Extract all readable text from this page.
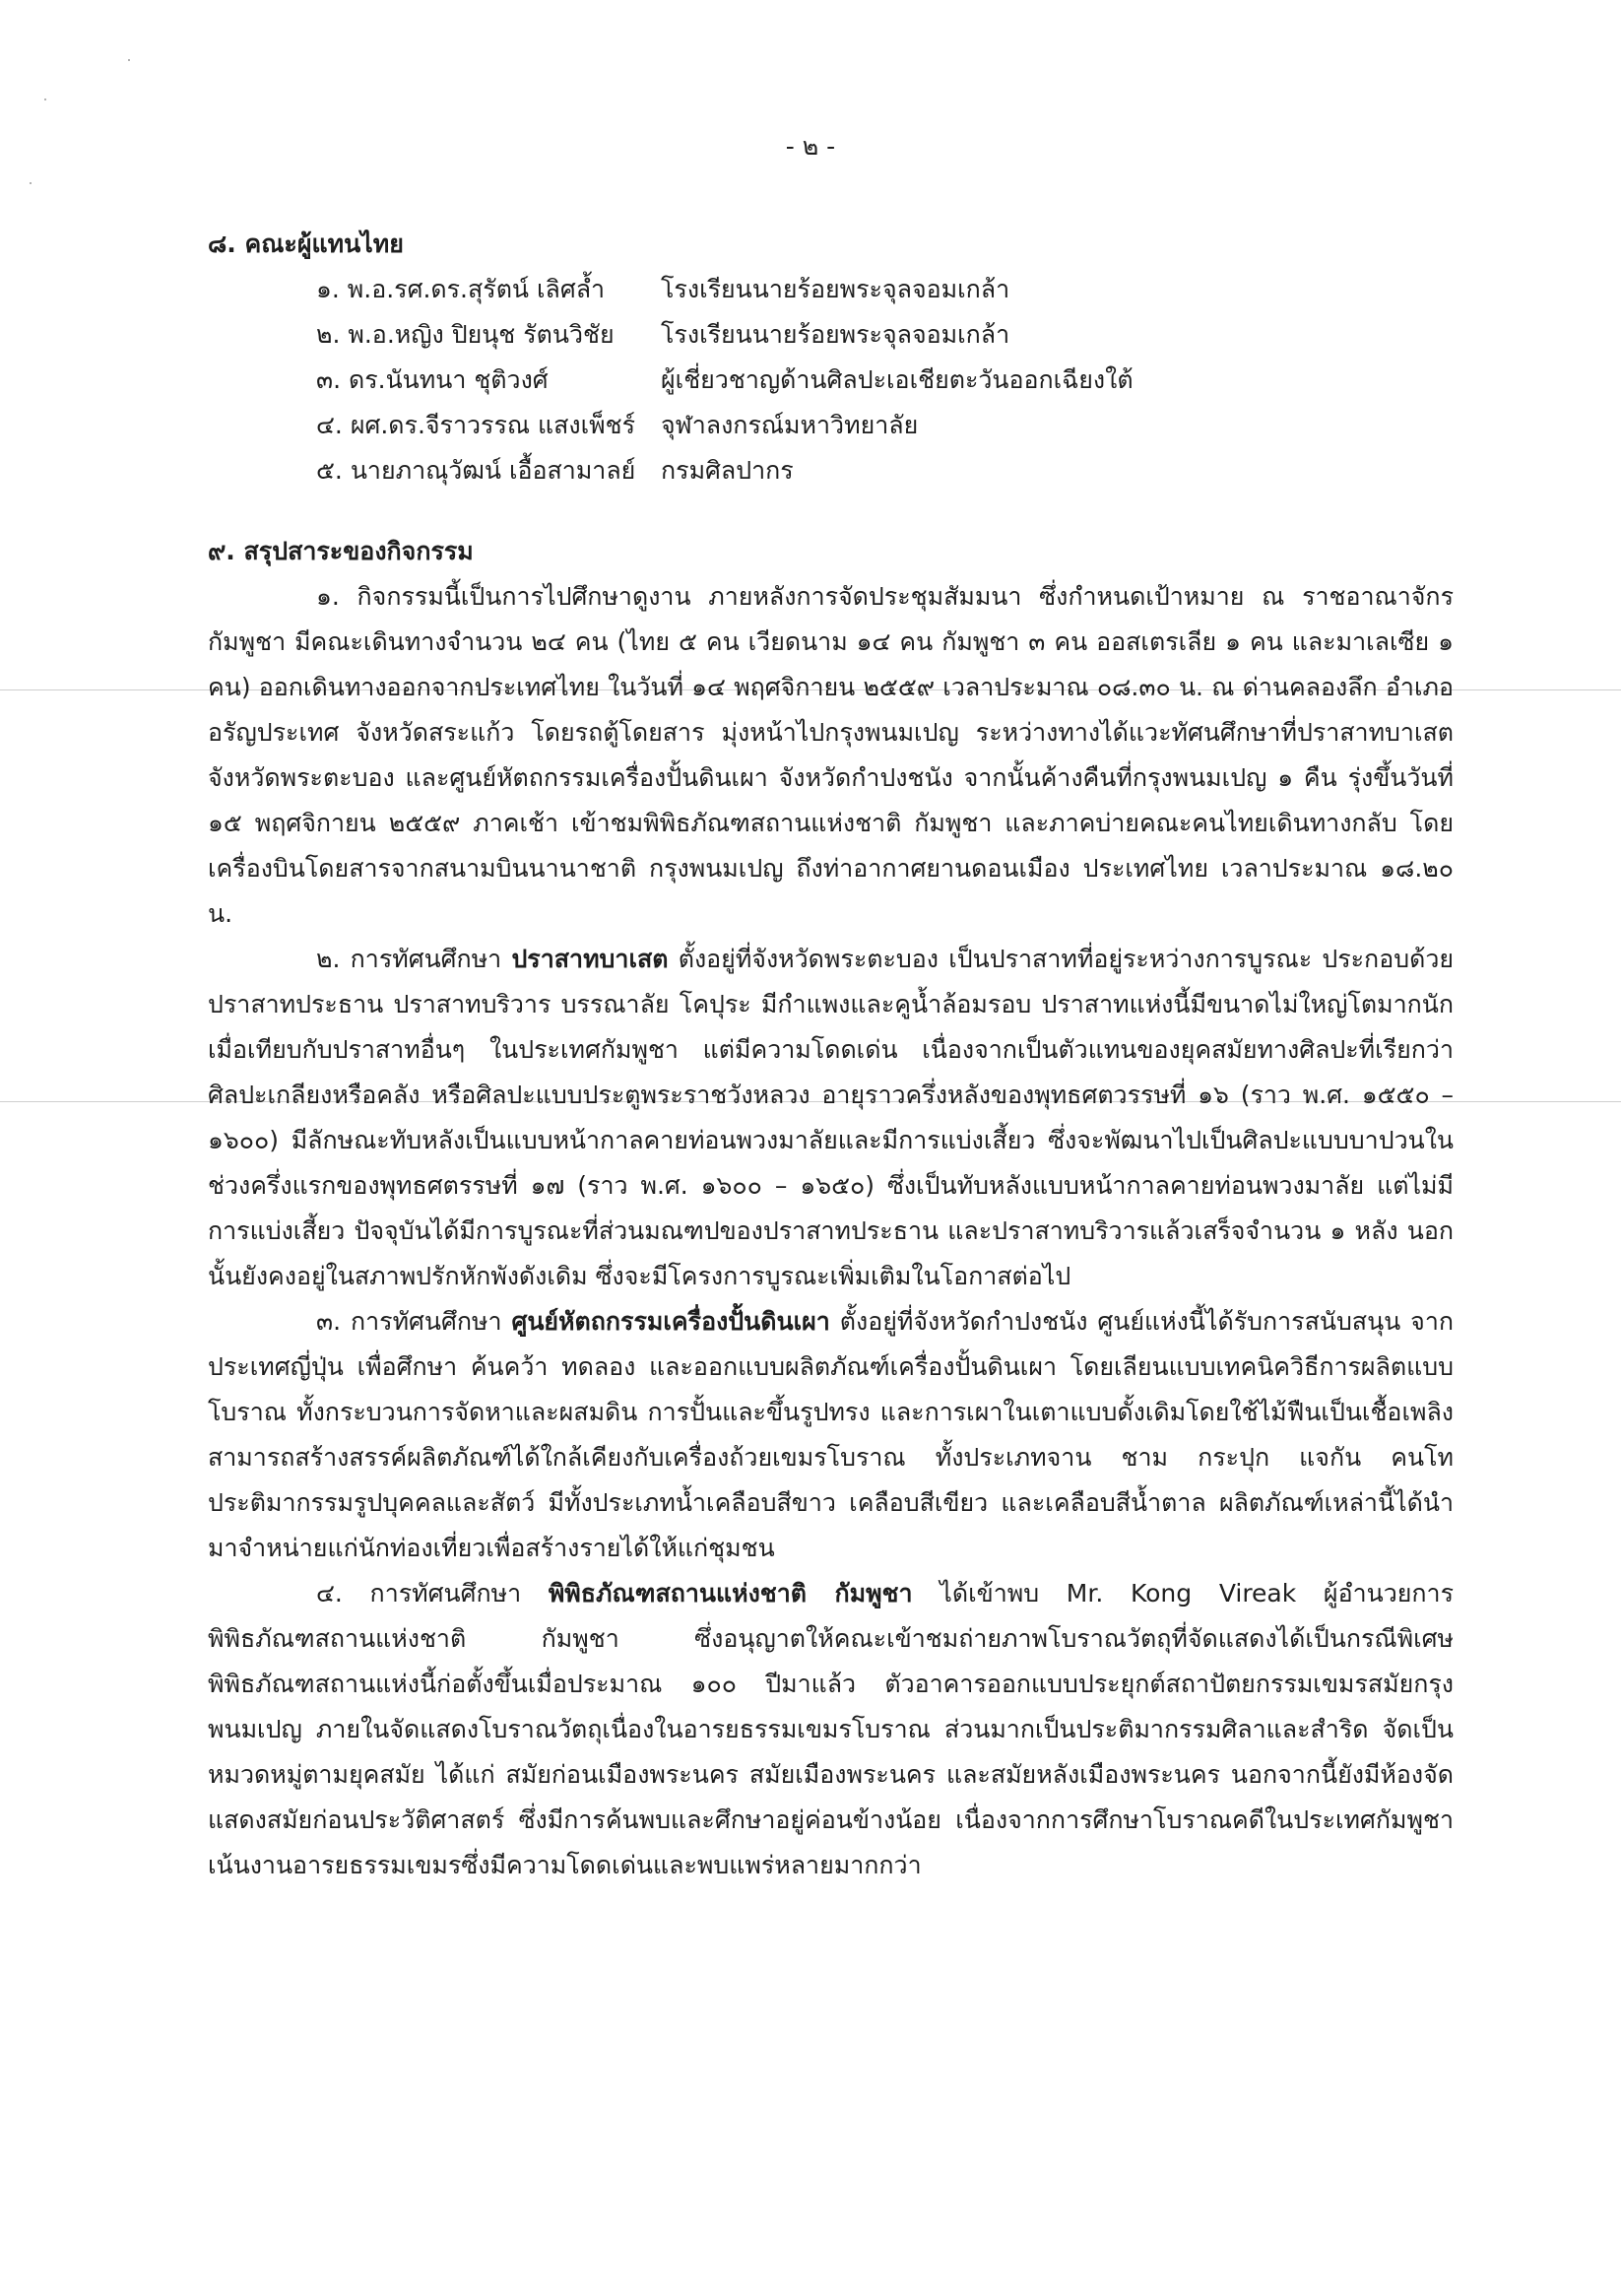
- ๒ -
๘. คณะผู้แทนไทย
๑. พ.อ.รศ.ดร.สุรัตน์ เลิศล้ำ	โรงเรียนนายร้อยพระจุลจอมเกล้า
๒. พ.อ.หญิง ปิยนุช รัตนวิชัย	โรงเรียนนายร้อยพระจุลจอมเกล้า
๓. ดร.นันทนา ชุติวงศ์	ผู้เชี่ยวชาญด้านศิลปะเอเชียตะวันออกเฉียงใต้
๔. ผศ.ดร.จีราวรรณ แสงเพ็ชร์	จุฬาลงกรณ์มหาวิทยาลัย
๕. นายภาณุวัฒน์ เอื้อสามาลย์	กรมศิลปากร
๙. สรุปสาระของกิจกรรม

๑. กิจกรรมนี้เป็นการไปศึกษาดูงาน ภายหลังการจัดประชุมสัมมนา ซึ่งกำหนดเป้าหมาย ณ ราชอาณาจักรกัมพูชา มีคณะเดินทางจำนวน ๒๔ คน (ไทย ๕ คน เวียดนาม ๑๔ คน กัมพูชา ๓ คน ออสเตรเลีย ๑ คน และมาเลเซีย ๑ คน) ออกเดินทางออกจากประเทศไทย ในวันที่ ๑๔ พฤศจิกายน ๒๕๕๙ เวลาประมาณ ๐๘.๓๐ น. ณ ด่านคลองลึก อำเภออรัญประเทศ จังหวัดสระแก้ว โดยรถตู้โดยสาร มุ่งหน้าไปกรุงพนมเปญ ระหว่างทางได้แวะทัศนศึกษาที่ปราสาทบาเสต จังหวัดพระตะบอง และศูนย์หัตถกรรมเครื่องปั้นดินเผา จังหวัดกำปงชนัง จากนั้นค้างคืนที่กรุงพนมเปญ ๑ คืน รุ่งขึ้นวันที่ ๑๕ พฤศจิกายน ๒๕๕๙ ภาคเช้า เข้าชมพิพิธภัณฑสถานแห่งชาติ กัมพูชา และภาคบ่ายคณะคนไทยเดินทางกลับ โดยเครื่องบินโดยสารจากสนามบินนานาชาติ กรุงพนมเปญ ถึงท่าอากาศยานดอนเมือง ประเทศไทย เวลาประมาณ ๑๘.๒๐ น.

๒. การทัศนศึกษา ปราสาทบาเสต ตั้งอยู่ที่จังหวัดพระตะบอง เป็นปราสาทที่อยู่ระหว่างการบูรณะ ประกอบด้วยปราสาทประธาน ปราสาทบริวาร บรรณาลัย โคปุระ มีกำแพงและคูน้ำล้อมรอบ ปราสาทแห่งนี้มีขนาดไม่ใหญ่โตมากนักเมื่อเทียบกับปราสาทอื่นๆ ในประเทศกัมพูชา แต่มีความโดดเด่น เนื่องจากเป็นตัวแทนของยุคสมัยทางศิลปะที่เรียกว่า ศิลปะเกลียงหรือคลัง หรือศิลปะแบบประตูพระราชวังหลวง อายุราวครึ่งหลังของพุทธศตวรรษที่ ๑๖ (ราว พ.ศ. ๑๕๕๐ – ๑๖๐๐) มีลักษณะทับหลังเป็นแบบหน้ากาลคายท่อนพวงมาลัยและมีการแบ่งเสี้ยว ซึ่งจะพัฒนาไปเป็นศิลปะแบบบาปวนในช่วงครึ่งแรกของพุทธศตรรษที่ ๑๗ (ราว พ.ศ. ๑๖๐๐ – ๑๖๕๐) ซึ่งเป็นทับหลังแบบหน้ากาลคายท่อนพวงมาลัย แต่ไม่มีการแบ่งเสี้ยว ปัจจุบันได้มีการบูรณะที่ส่วนมณฑปของปราสาทประธาน และปราสาทบริวารแล้วเสร็จจำนวน ๑ หลัง นอกนั้นยังคงอยู่ในสภาพปรักหักพังดังเดิม ซึ่งจะมีโครงการบูรณะเพิ่มเติมในโอกาสต่อไป

๓. การทัศนศึกษา ศูนย์หัตถกรรมเครื่องปั้นดินเผา ตั้งอยู่ที่จังหวัดกำปงชนัง ศูนย์แห่งนี้ได้รับการสนับสนุน จากประเทศญี่ปุ่น เพื่อศึกษา ค้นคว้า ทดลอง และออกแบบผลิตภัณฑ์เครื่องปั้นดินเผา โดยเลียนแบบเทคนิควิธีการผลิตแบบโบราณ ทั้งกระบวนการจัดหาและผสมดิน การปั้นและขึ้นรูปทรง และการเผาในเตาแบบดั้งเดิมโดยใช้ไม้ฟืนเป็นเชื้อเพลิง สามารถสร้างสรรค์ผลิตภัณฑ์ได้ใกล้เคียงกับเครื่องถ้วยเขมรโบราณ ทั้งประเภทจาน ชาม กระปุก แจกัน คนโท ประติมากรรมรูปบุคคลและสัตว์ มีทั้งประเภทน้ำเคลือบสีขาว เคลือบสีเขียว และเคลือบสีน้ำตาล ผลิตภัณฑ์เหล่านี้ได้นำมาจำหน่ายแก่นักท่องเที่ยวเพื่อสร้างรายได้ให้แก่ชุมชน

๔. การทัศนศึกษา พิพิธภัณฑสถานแห่งชาติ กัมพูชา ได้เข้าพบ Mr. Kong Vireak ผู้อำนวยการพิพิธภัณฑสถานแห่งชาติ กัมพูชา ซึ่งอนุญาตให้คณะเข้าชมถ่ายภาพโบราณวัตถุที่จัดแสดงได้เป็นกรณีพิเศษ พิพิธภัณฑสถานแห่งนี้ก่อตั้งขึ้นเมื่อประมาณ ๑๐๐ ปีมาแล้ว ตัวอาคารออกแบบประยุกต์สถาปัตยกรรมเขมรสมัยกรุงพนมเปญ ภายในจัดแสดงโบราณวัตถุเนื่องในอารยธรรมเขมรโบราณ ส่วนมากเป็นประติมากรรมศิลาและสำริด จัดเป็นหมวดหมู่ตามยุคสมัย ได้แก่ สมัยก่อนเมืองพระนคร สมัยเมืองพระนคร และสมัยหลังเมืองพระนคร นอกจากนี้ยังมีห้องจัดแสดงสมัยก่อนประวัติศาสตร์ ซึ่งมีการค้นพบและศึกษาอยู่ค่อนข้างน้อย เนื่องจากการศึกษาโบราณคดีในประเทศกัมพูชาเน้นงานอารยธรรมเขมรซึ่งมีความโดดเด่นและพบแพร่หลายมากกว่า
